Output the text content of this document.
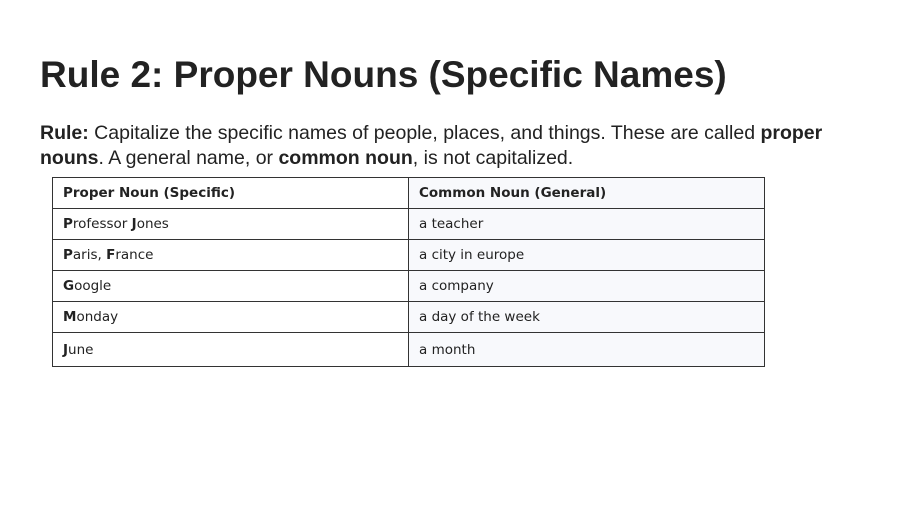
Rule 2: Proper Nouns (Specific Names)

Rule: Capitalize the specific names of people, places, and things. These are called proper nouns. A general name, or common noun, is not capitalized.

Proper Noun (Specific)	Common Noun (General)
Professor Jones	a teacher
Paris, France	a city in europe
Google	a company
Monday	a day of the week
June	a month
